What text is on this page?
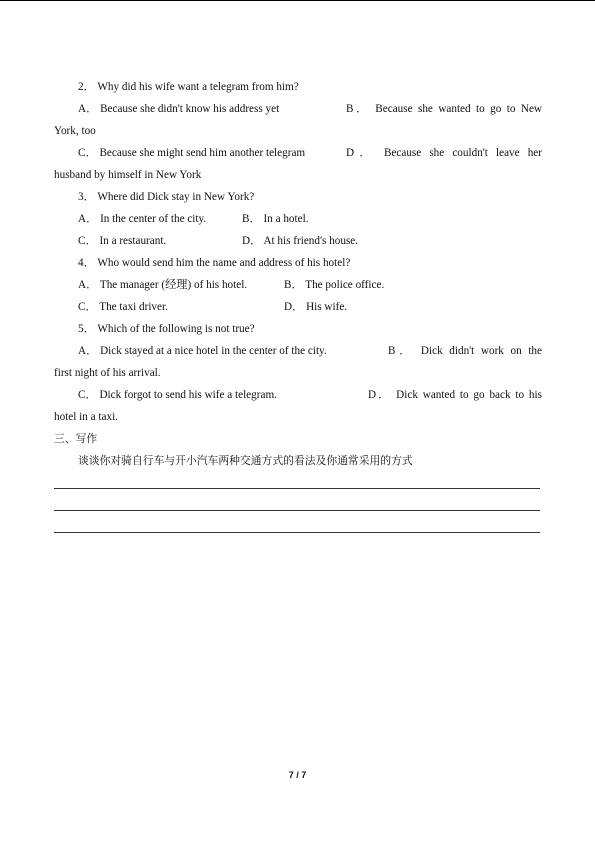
2． Why did his wife want a telegram from him?
A． Because she didn't know his address yet	B． Because she wanted to go to New
York, too
C． Because she might send him another telegram	D． Because she couldn't leave her
husband by himself in New York
3． Where did Dick stay in New York?
A． In the center of the city.	B． In a hotel.
C． In a restaurant.	D． At his friend's house.
4． Who would send him the name and address of his hotel?
A． The manager (经理) of his hotel.	B． The police office.
C． The taxi driver.	D． His wife.
5． Which of the following is not true?
A． Dick stayed at a nice hotel in the center of the city.	B． Dick didn't work on the
first night of his arrival.
C． Dick forgot to send his wife a telegram.	D． Dick wanted to go back to his
hotel in a taxi.
三、写作
谈谈你对骑自行车与开小汽车两种交通方式的看法及你通常采用的方式
7 / 7
